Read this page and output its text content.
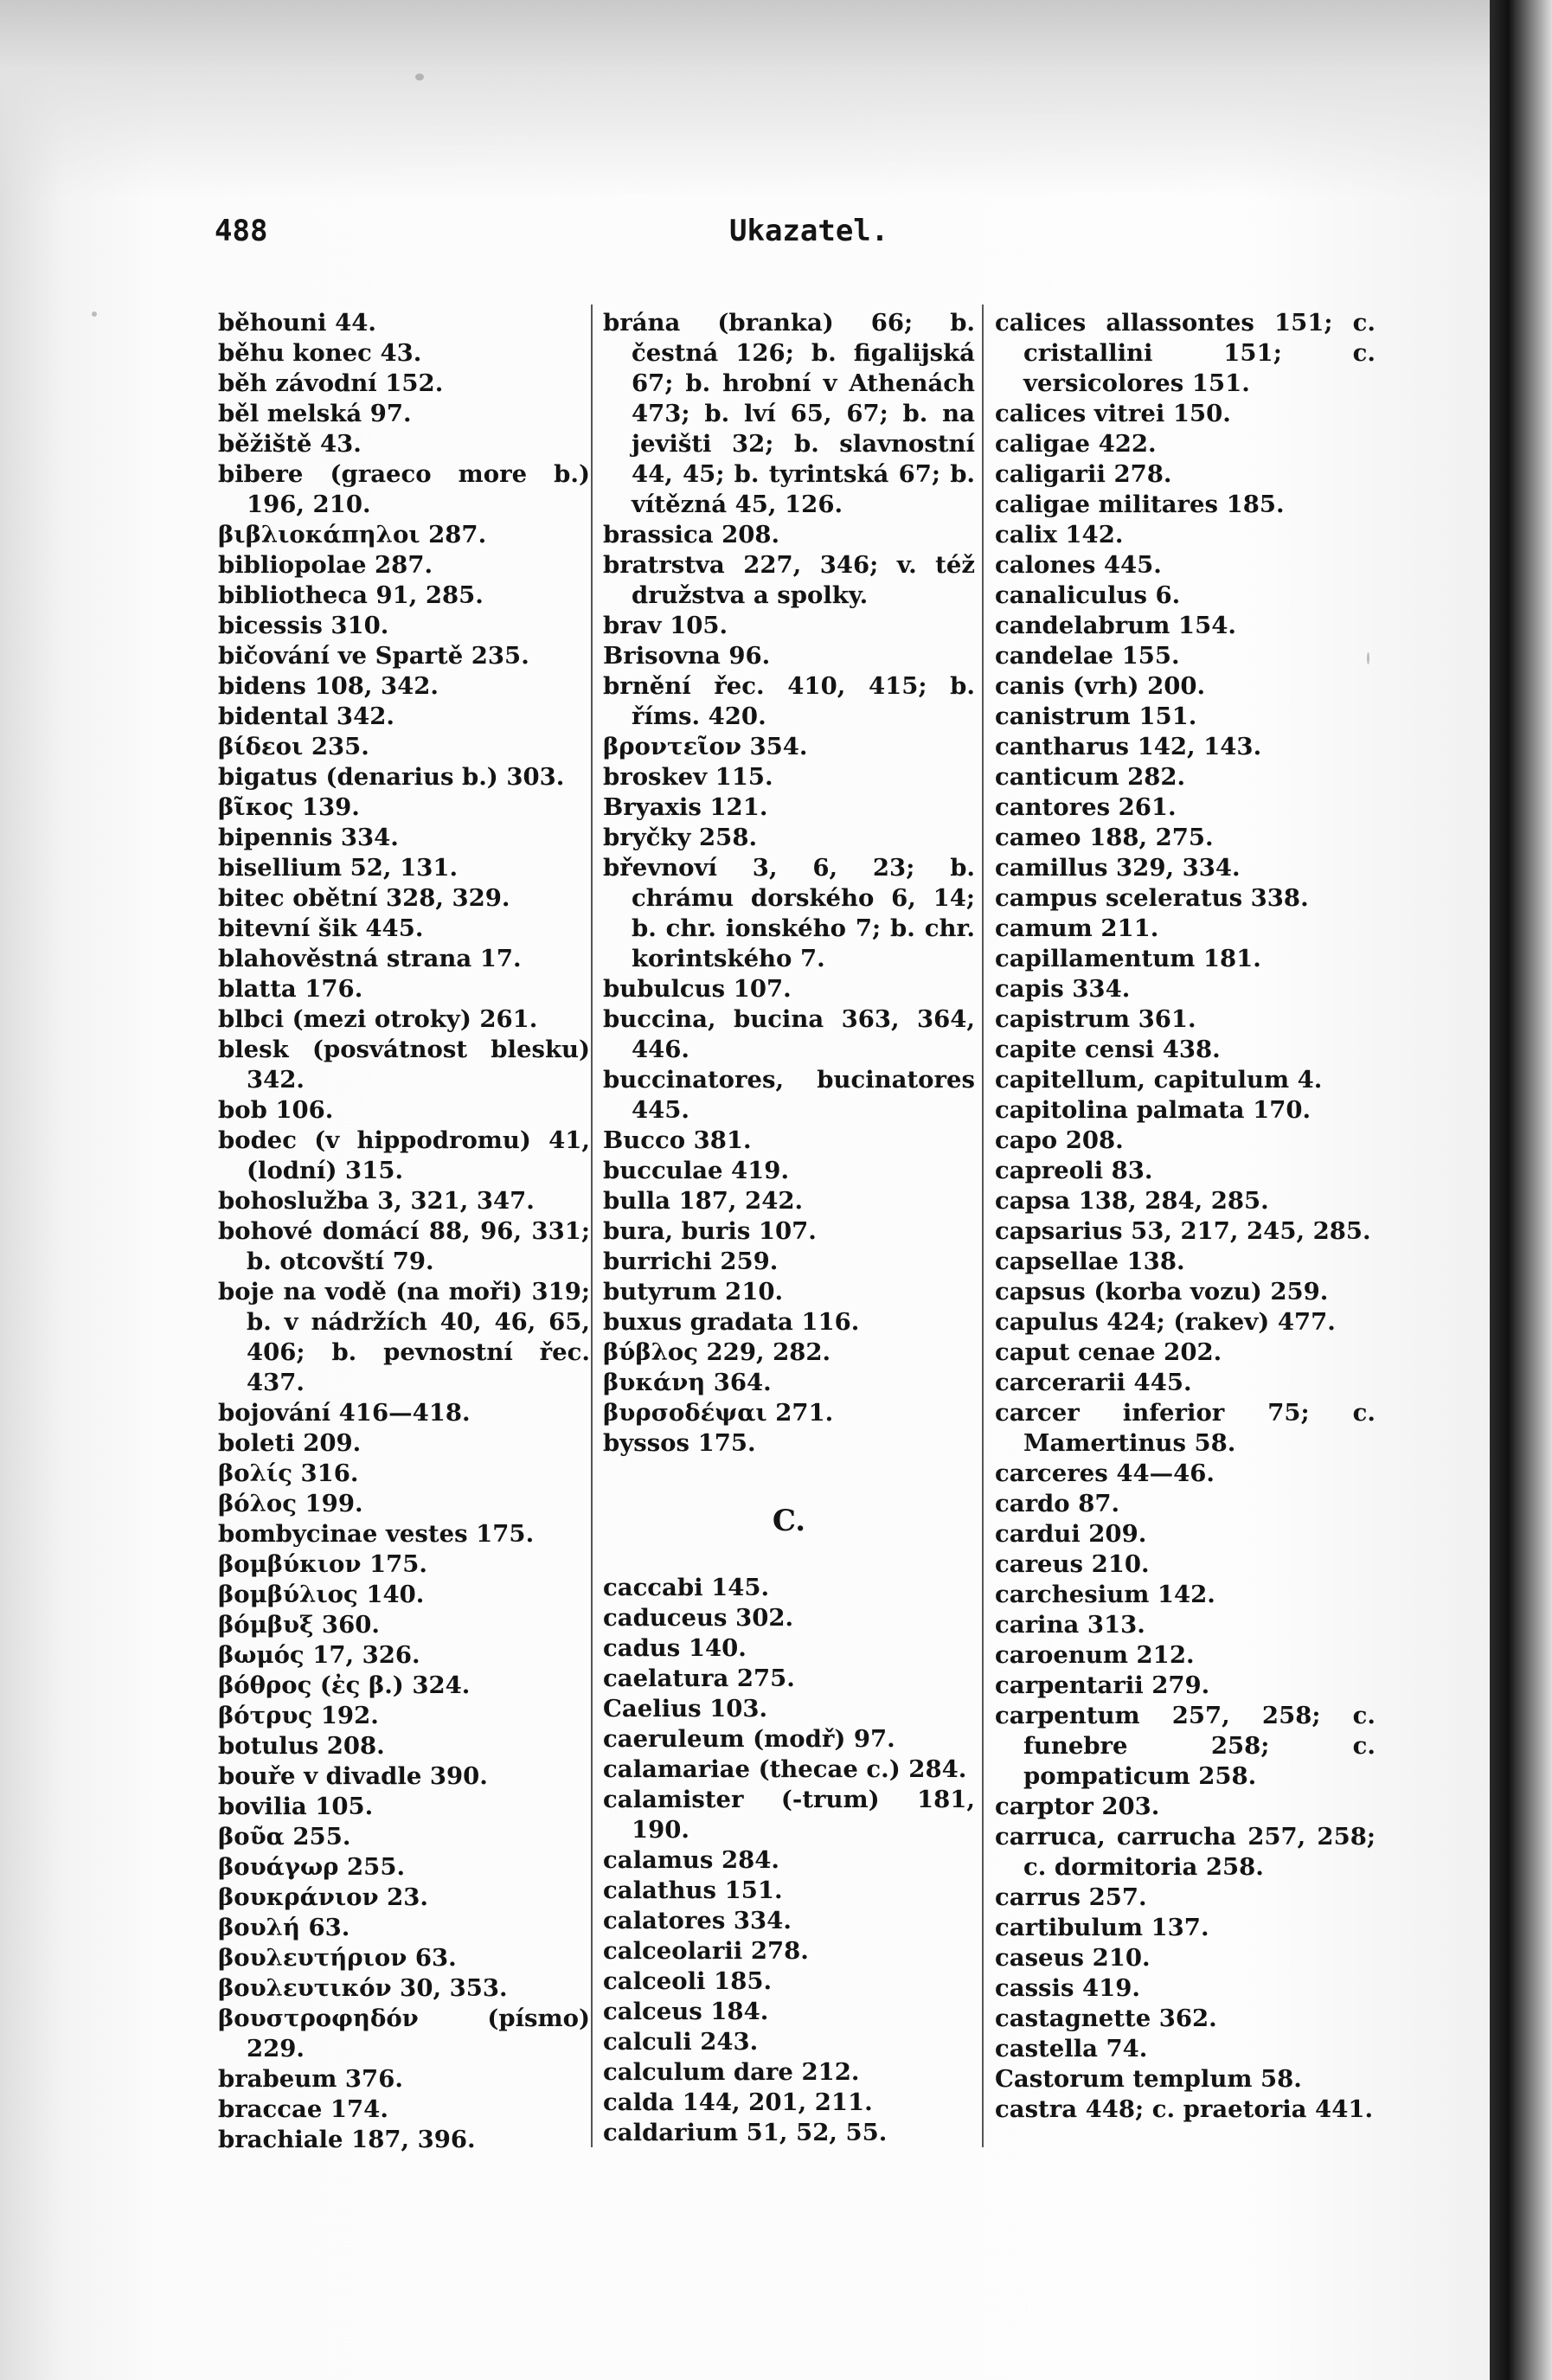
488	Ukazatel.

běhouni 44.

běhu konec 43.

běh závodní 152.

běl melská 97.

běžiště 43.

bibere (graeco more b.) 196, 210.

βιβλιοκάπηλοι 287.

bibliopolae 287.

bibliotheca 91, 285.

bicessis 310.

bičování ve Spartě 235.

bidens 108, 342.

bidental 342.

βίδεοι 235.

bigatus (denarius b.) 303.

βῖκος 139.

bipennis 334.

bisellium 52, 131.

bitec obětní 328, 329.

bitevní šik 445.

blahověstná strana 17.

blatta 176.

blbci (mezi otroky) 261.

blesk (posvátnost blesku) 342.

bob 106.

bodec (v hippodromu) 41, (lodní) 315.

bohoslužba 3, 321, 347.

bohové domácí 88, 96, 331; b. otcovští 79.

boje na vodě (na moři) 319; b. v nádržích 40, 46, 65, 406; b. pevnostní řec. 437.

bojování 416—418.

boleti 209.

βολίς 316.

βόλος 199.

bombycinae vestes 175.

βομβύκιον 175.

βομβύλιος 140.

βόμβυξ 360.

βωμός 17, 326.

βόθρος (ἐς β.) 324.

βότρυς 192.

botulus 208.

bouře v divadle 390.

bovilia 105.

βοῦα 255.

βουάγωρ 255.

βουκράνιον 23.

βουλή 63.

βουλευτήριον 63.

βουλευτικόν 30, 353.

βουστροφηδόν (písmo) 229.

brabeum 376.

braccae 174.

brachiale 187, 396.

brána (branka) 66; b. čestná 126; b. figalijská 67; b. hrobní v Athenách 473; b. lví 65, 67; b. na jevišti 32; b. slavnostní 44, 45; b. tyrintská 67; b. vítězná 45, 126.

brassica 208.

bratrstva 227, 346; v. též družstva a spolky.

brav 105.

Brisovna 96.

brnění řec. 410, 415; b. říms. 420.

βροντεῖον 354.

broskev 115.

Bryaxis 121.

bryčky 258.

břevnoví 3, 6, 23; b. chrámu dorského 6, 14; b. chr. ionského 7; b. chr. korintského 7.

bubulcus 107.

buccina, bucina 363, 364, 446.

buccinatores, bucinatores 445.

Bucco 381.

bucculae 419.

bulla 187, 242.

bura, buris 107.

burrichi 259.

butyrum 210.

buxus gradata 116.

βύβλος 229, 282.

βυκάνη 364.

βυρσοδέψαι 271.

byssos 175.

C.

caccabi 145.

caduceus 302.

cadus 140.

caelatura 275.

Caelius 103.

caeruleum (modř) 97.

calamariae (thecae c.) 284.

calamister (-trum) 181, 190.

calamus 284.

calathus 151.

calatores 334.

calceolarii 278.

calceoli 185.

calceus 184.

calculi 243.

calculum dare 212.

calda 144, 201, 211.

caldarium 51, 52, 55.

calices allassontes 151; c. cristallini 151; c. versicolores 151.

calices vitrei 150.

caligae 422.

caligarii 278.

caligae militares 185.

calix 142.

calones 445.

canaliculus 6.

candelabrum 154.

candelae 155.

canis (vrh) 200.

canistrum 151.

cantharus 142, 143.

canticum 282.

cantores 261.

cameo 188, 275.

camillus 329, 334.

campus sceleratus 338.

camum 211.

capillamentum 181.

capis 334.

capistrum 361.

capite censi 438.

capitellum, capitulum 4.

capitolina palmata 170.

capo 208.

capreoli 83.

capsa 138, 284, 285.

capsarius 53, 217, 245, 285.

capsellae 138.

capsus (korba vozu) 259.

capulus 424; (rakev) 477.

caput cenae 202.

carcerarii 445.

carcer inferior 75; c. Mamertinus 58.

carceres 44—46.

cardo 87.

cardui 209.

careus 210.

carchesium 142.

carina 313.

caroenum 212.

carpentarii 279.

carpentum 257, 258; c. funebre 258; c. pompaticum 258.

carptor 203.

carruca, carrucha 257, 258; c. dormitoria 258.

carrus 257.

cartibulum 137.

caseus 210.

cassis 419.

castagnette 362.

castella 74.

Castorum templum 58.

castra 448; c. praetoria 441.
